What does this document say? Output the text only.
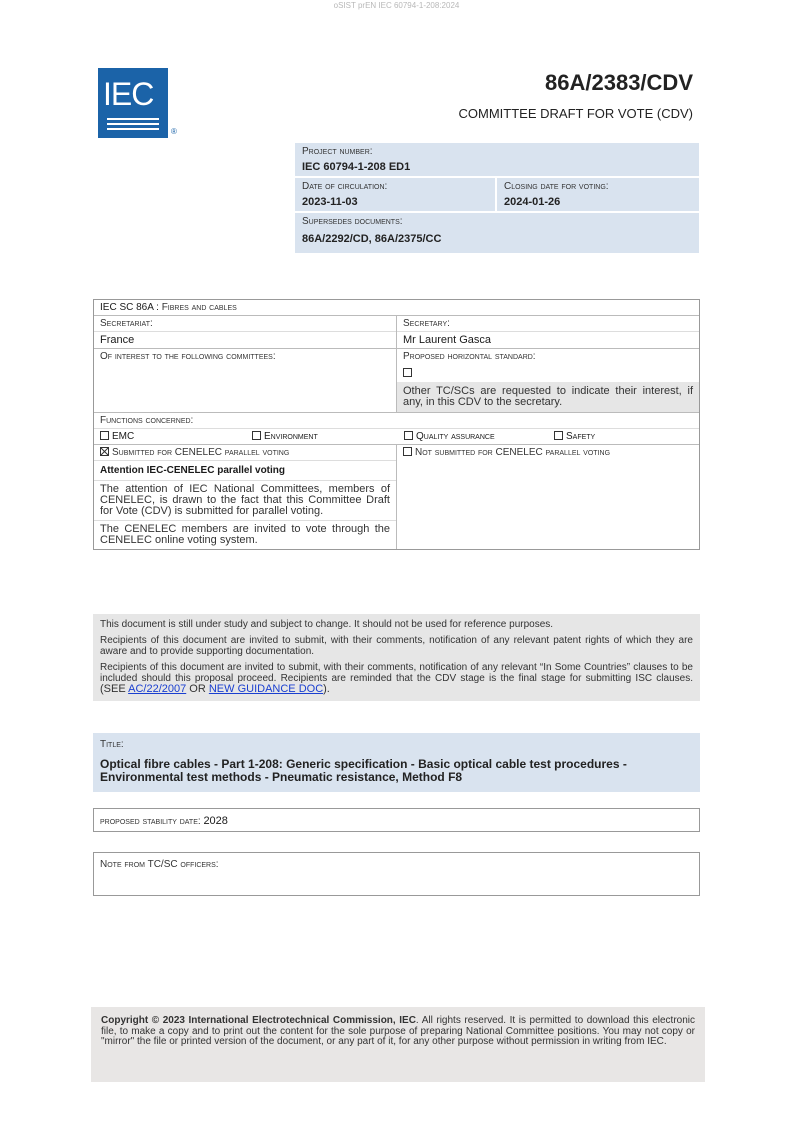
oSIST prEN IEC 60794-1-208:2024
IEC
®
86A/2383/CDV
COMMITTEE DRAFT FOR VOTE (CDV)
Project number:
IEC 60794-1-208 ED1
Date of circulation:
2023-11-03
Closing date for voting:
2024-01-26
Supersedes documents:
86A/2292/CD, 86A/2375/CC
IEC SC 86A : Fibres and cables
Secretariat:
France
Secretary:
Mr Laurent Gasca
Of interest to the following committees:	Proposed horizontal standard:
Other TC/SCs are requested to indicate their interest, if any, in this CDV to the secretary.
Functions concerned:
EMC	Environment	Quality assurance	Safety
Submitted for CENELEC parallel voting
Attention IEC-CENELEC parallel voting
The attention of IEC National Committees, members of CENELEC, is drawn to the fact that this Committee Draft for Vote (CDV) is submitted for parallel voting.
The CENELEC members are invited to vote through the CENELEC online voting system.
Not submitted for CENELEC parallel voting

This document is still under study and subject to change. It should not be used for reference purposes.

Recipients of this document are invited to submit, with their comments, notification of any relevant patent rights of which they are aware and to provide supporting documentation.

Recipients of this document are invited to submit, with their comments, notification of any relevant “In Some Countries” clauses to be included should this proposal proceed. Recipients are reminded that the CDV stage is the final stage for submitting ISC clauses. (SEE AC/22/2007 OR NEW GUIDANCE DOC).

Title:
Optical fibre cables - Part 1-208: Generic specification - Basic optical cable test procedures - Environmental test methods - Pneumatic resistance, Method F8
proposed stability date: 2028
Note from TC/SC officers:
Copyright © 2023 International Electrotechnical Commission, IEC. All rights reserved. It is permitted to download this electronic file, to make a copy and to print out the content for the sole purpose of preparing National Committee positions. You may not copy or "mirror" the file or printed version of the document, or any part of it, for any other purpose without permission in writing from IEC.
